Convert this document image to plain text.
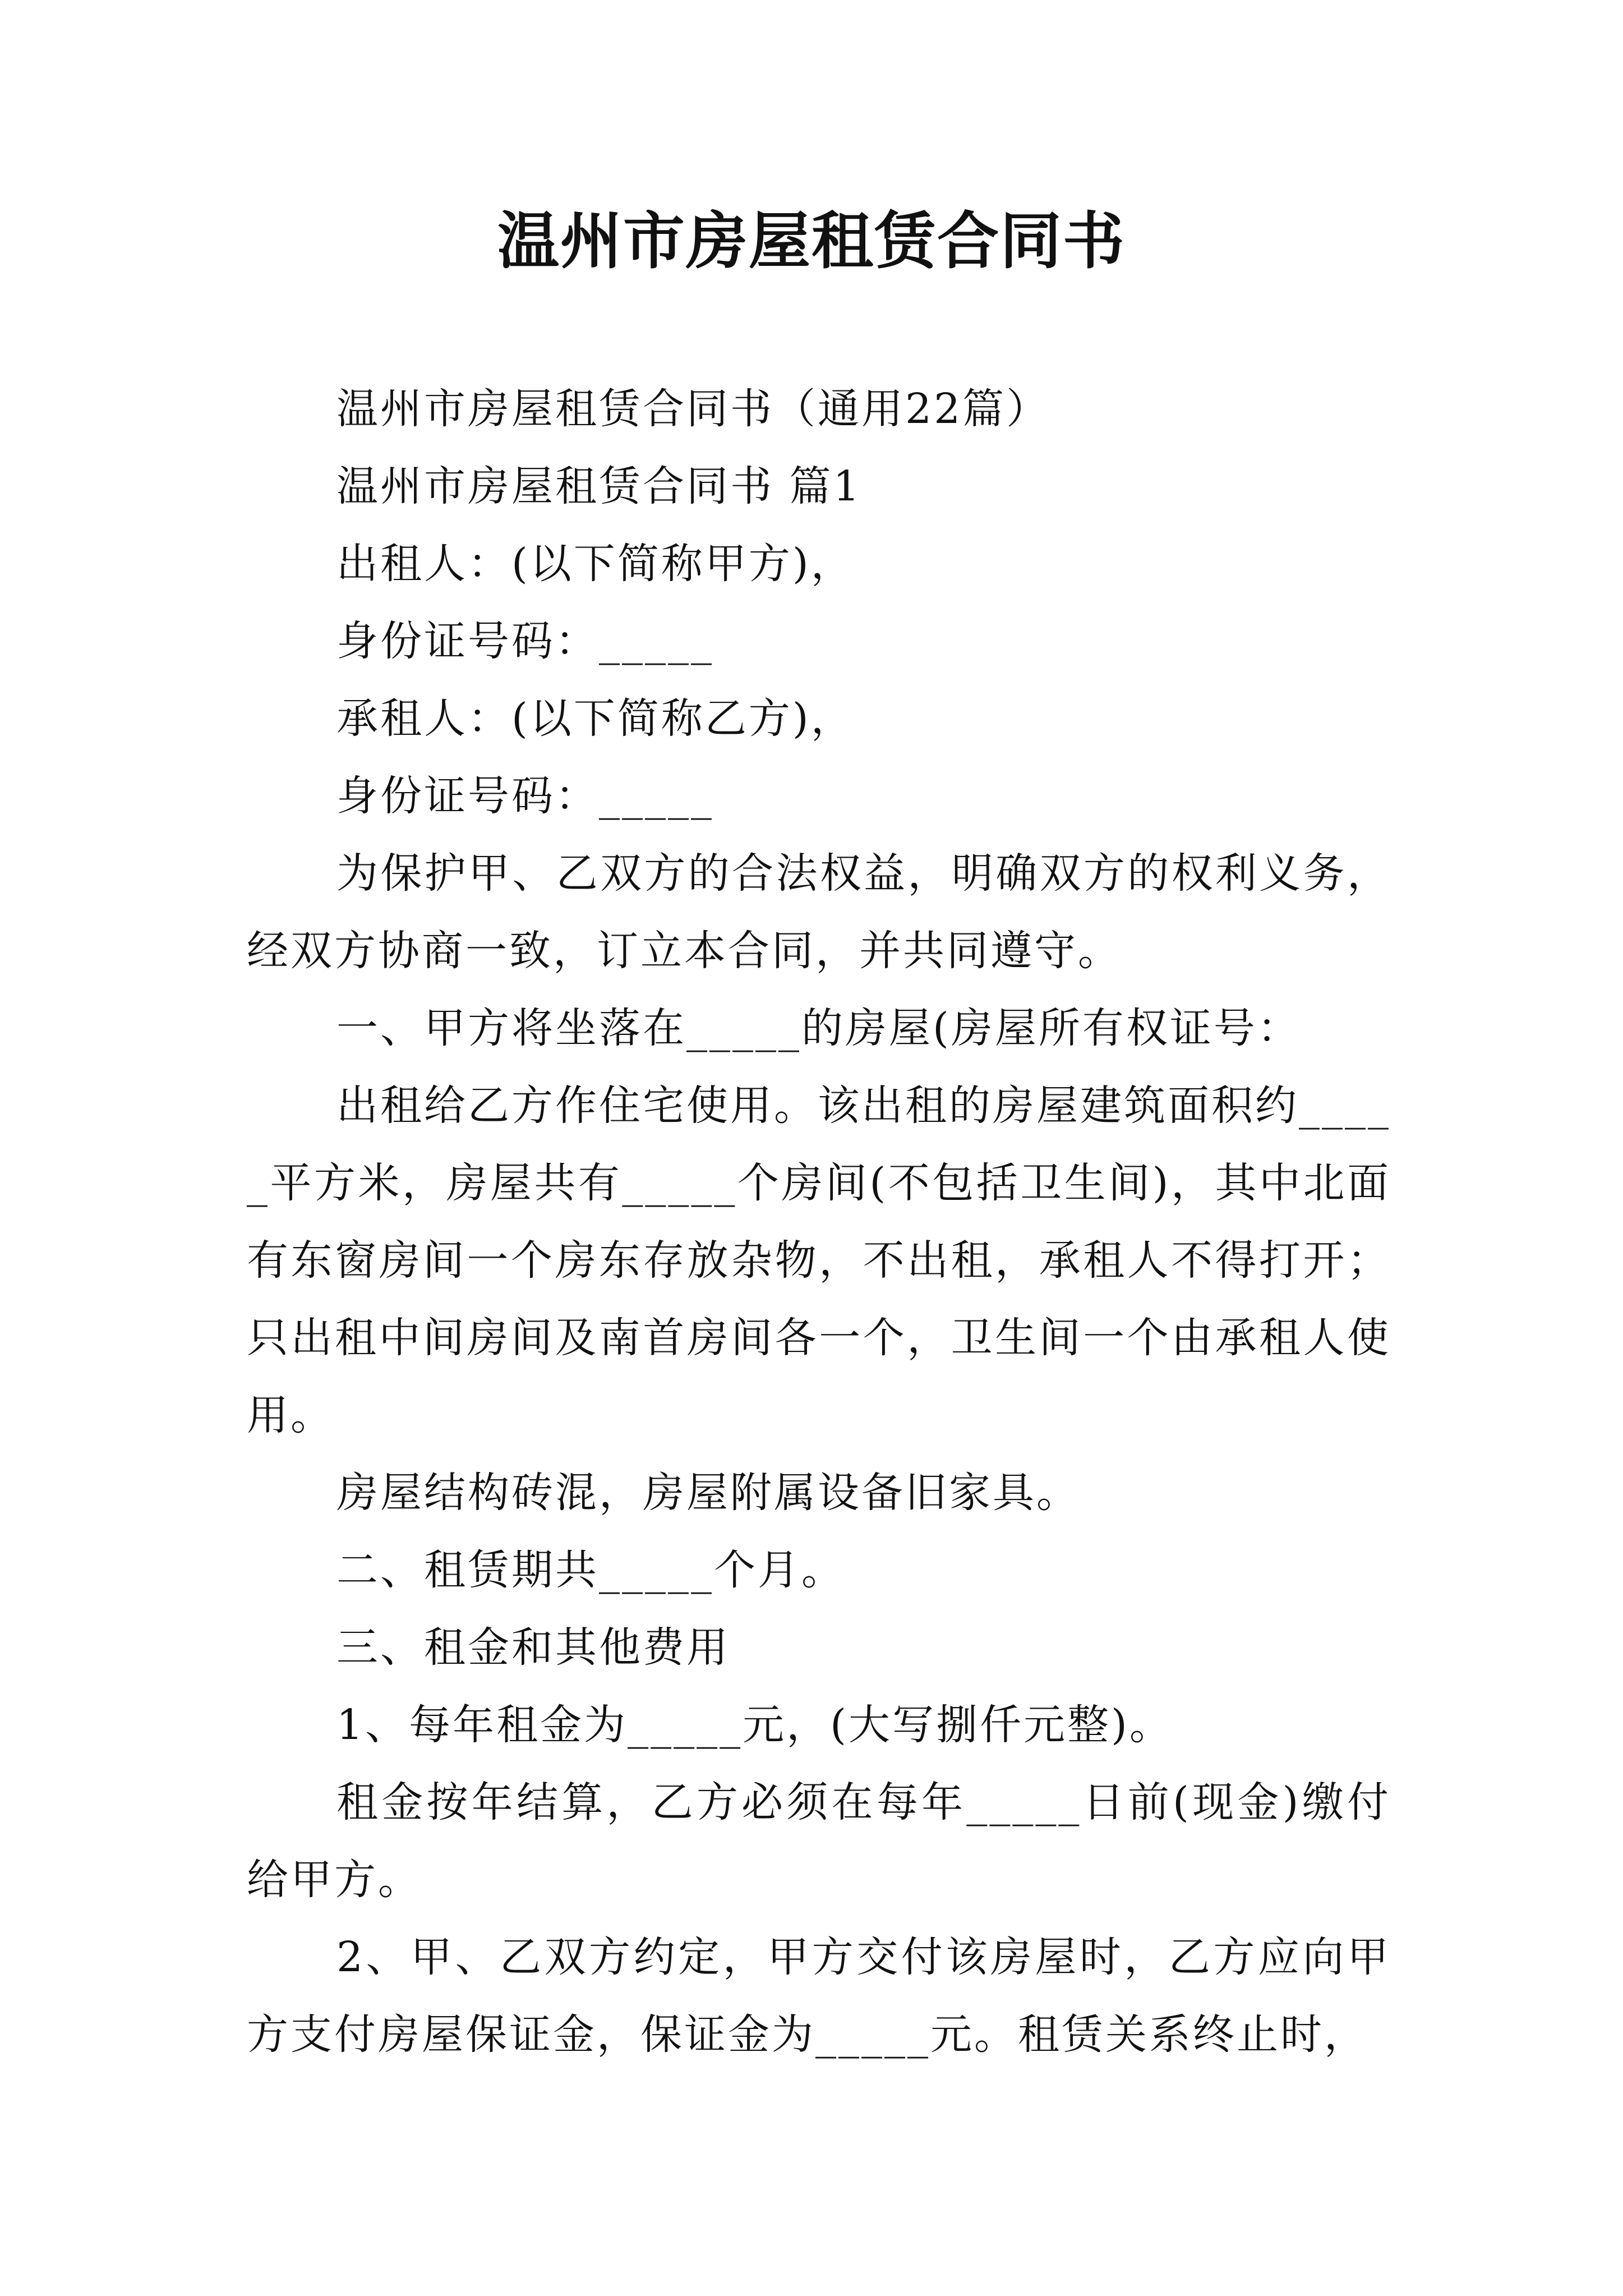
温州市房屋租赁合同书

温州市房屋租赁合同书（通用22篇）

温州市房屋租赁合同书 篇1

出租人：(以下简称甲方)，

身份证号码：_____

承租人：(以下简称乙方)，

身份证号码：_____

为保护甲、乙双方的合法权益，明确双方的权利义务，经双方协商一致，订立本合同，并共同遵守。

一、甲方将坐落在_____的房屋(房屋所有权证号：

出租给乙方作住宅使用。该出租的房屋建筑面积约_____平方米，房屋共有_____个房间(不包括卫生间)，其中北面有东窗房间一个房东存放杂物，不出租，承租人不得打开；只出租中间房间及南首房间各一个，卫生间一个由承租人使用。

房屋结构砖混，房屋附属设备旧家具。

二、租赁期共_____个月。

三、租金和其他费用

1、每年租金为_____元，(大写捌仟元整)。

租金按年结算，乙方必须在每年_____日前(现金)缴付给甲方。

2、甲、乙双方约定，甲方交付该房屋时，乙方应向甲方支付房屋保证金，保证金为_____元。租赁关系终止时，
